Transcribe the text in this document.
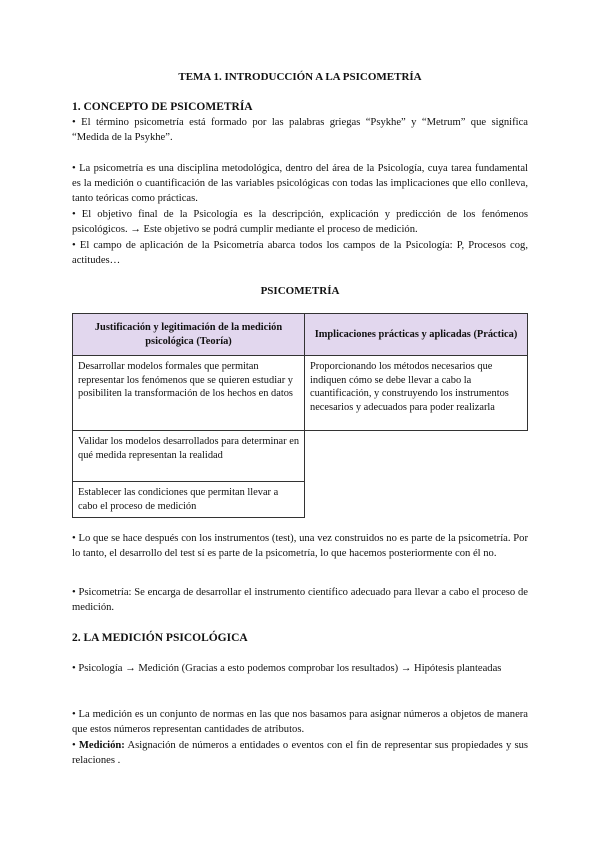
TEMA 1. INTRODUCCIÓN A LA PSICOMETRÍA
1. CONCEPTO DE PSICOMETRÍA
• El término psicometría está formado por las palabras griegas “Psykhe” y “Metrum” que significa “Medida de la Psykhe”.
• La psicometría es una disciplina metodológica, dentro del área de la Psicología, cuya tarea fundamental es la medición o cuantificación de las variables psicológicas con todas las implicaciones que ello conlleva, tanto teóricas como prácticas.
• El objetivo final de la Psicología es la descripción, explicación y predicción de los fenómenos psicológicos. → Este objetivo se podrá cumplir mediante el proceso de medición.
• El campo de aplicación de la Psicometría abarca todos los campos de la Psicología: P, Procesos cog, actitudes…
PSICOMETRÍA
Justificación y legitimación de la medición psicológica (Teoría)	Implicaciones prácticas y aplicadas (Práctica)
Desarrollar modelos formales que permitan representar los fenómenos que se quieren estudiar y posibiliten la transformación de los hechos en datos	Proporcionando los métodos necesarios que indiquen cómo se debe llevar a cabo la cuantificación, y construyendo los instrumentos necesarios y adecuados para poder realizarla
Validar los modelos desarrollados para determinar en qué medida representan la realidad	
Establecer las condiciones que permitan llevar a cabo el proceso de medición	
• Lo que se hace después con los instrumentos (test), una vez construidos no es parte de la psicometría. Por lo tanto, el desarrollo del test sí es parte de la psicometría, lo que hacemos posteriormente con él no.
• Psicometría: Se encarga de desarrollar el instrumento científico adecuado para llevar a cabo el proceso de medición.
2. LA MEDICIÓN PSICOLÓGICA
• Psicología → Medición (Gracias a esto podemos comprobar los resultados) → Hipótesis planteadas
• La medición es un conjunto de normas en las que nos basamos para asignar números a objetos de manera que estos números representan cantidades de atributos.
• Medición: Asignación de números a entidades o eventos con el fin de representar sus propiedades y sus relaciones .
